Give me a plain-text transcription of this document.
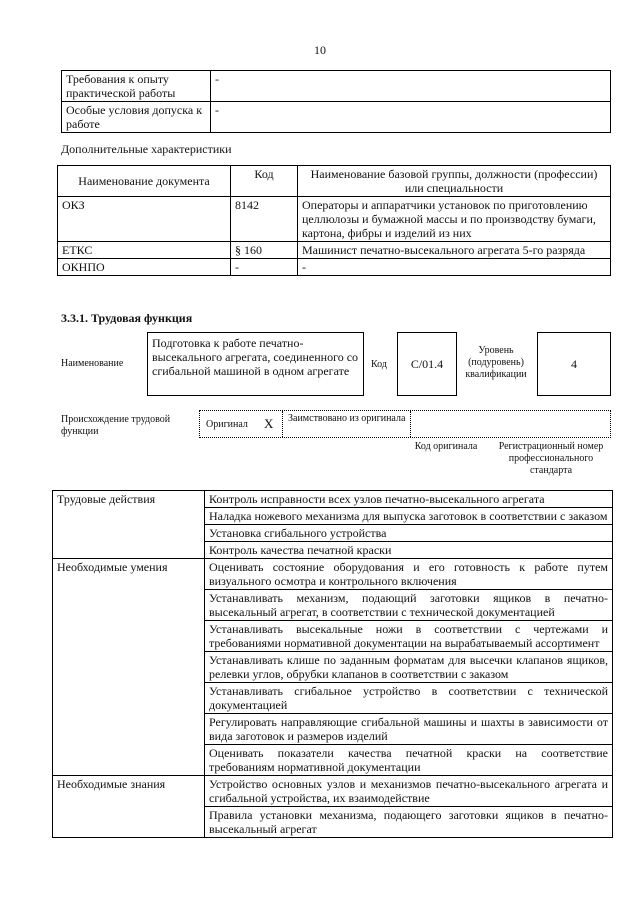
10
Требования к опыту практической работы	-
Особые условия допуска к работе	-
Дополнительные характеристики
Наименование документа	Код	Наименование базовой группы, должности (профессии) или специальности
ОКЗ	8142	Операторы и аппаратчики установок по приготовлению целлюлозы и бумажной массы и по производству бумаги, картона, фибры и изделий из них
ЕТКС	§ 160	Машинист печатно-высекального агрегата 5-го разряда
ОКНПО	-	-
3.3.1. Трудовая функция
Наименование
Подготовка к работе печатно-высекального агрегата, соединенного со сгибальной машиной в одном агрегате	Код	C/01.4
Уровень (подуровень) квалификации
4
Происхождение трудовой функции
Оригинал X Заимствовано из оригинала
Код оригинала	Регистрационный номер профессионального стандарта
Трудовые действия	Контроль исправности всех узлов печатно-высекального агрегата
	Наладка ножевого механизма для выпуска заготовок в соответствии с заказом
	Установка сгибального устройства
	Контроль качества печатной краски
Необходимые умения	Оценивать состояние оборудования и его готовность к работе путем визуального осмотра и контрольного включения
	Устанавливать механизм, подающий заготовки ящиков в печатно-высекальный агрегат, в соответствии с технической документацией
	Устанавливать высекальные ножи в соответствии с чертежами и требованиями нормативной документации на вырабатываемый ассортимент
	Устанавливать клише по заданным форматам для высечки клапанов ящиков, релевки углов, обрубки клапанов в соответствии с заказом
	Устанавливать сгибальное устройство в соответствии с технической документацией
	Регулировать направляющие сгибальной машины и шахты в зависимости от вида заготовок и размеров изделий
	Оценивать показатели качества печатной краски на соответствие требованиям нормативной документации
Необходимые знания	Устройство основных узлов и механизмов печатно-высекального агрегата и сгибальной устройства, их взаимодействие
	Правила установки механизма, подающего заготовки ящиков в печатно-высекальный агрегат
